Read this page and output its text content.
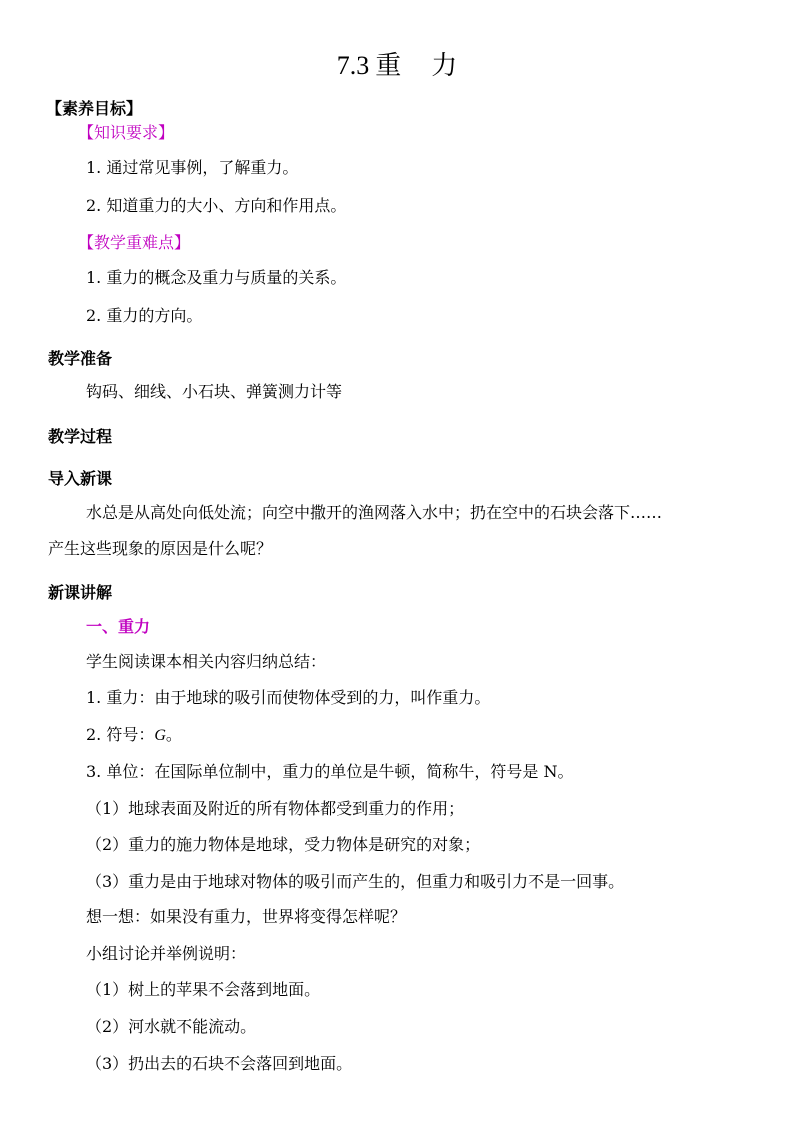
7.3 重 力
【素养目标】
【知识要求】
1. 通过常见事例，了解重力。
2. 知道重力的大小、方向和作用点。
【教学重难点】
1. 重力的概念及重力与质量的关系。
2. 重力的方向。
教学准备
钩码、细线、小石块、弹簧测力计等
教学过程
导入新课
水总是从高处向低处流；向空中撒开的渔网落入水中；扔在空中的石块会落下……
产生这些现象的原因是什么呢？
新课讲解
一、重力
学生阅读课本相关内容归纳总结：
1. 重力：由于地球的吸引而使物体受到的力，叫作重力。
2. 符号：G。
3. 单位：在国际单位制中，重力的单位是牛顿，简称牛，符号是 N。
（1）地球表面及附近的所有物体都受到重力的作用；
（2）重力的施力物体是地球，受力物体是研究的对象；
（3）重力是由于地球对物体的吸引而产生的，但重力和吸引力不是一回事。
想一想：如果没有重力，世界将变得怎样呢？
小组讨论并举例说明：
（1）树上的苹果不会落到地面。
（2）河水就不能流动。
（3）扔出去的石块不会落回到地面。
